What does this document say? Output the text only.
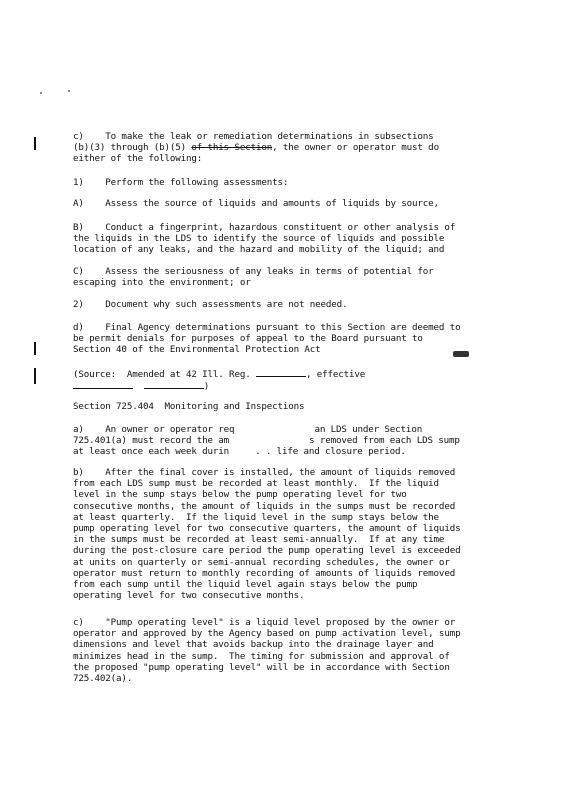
c)    To make the leak or remediation determinations in subsections
(b)(3) through (b)(5) of this Section, the owner or operator must do
either of the following:
1)    Perform the following assessments:
A)    Assess the source of liquids and amounts of liquids by source,
B)    Conduct a fingerprint, hazardous constituent or other analysis of
the liquids in the LDS to identify the source of liquids and possible
location of any leaks, and the hazard and mobility of the liquid; and
C)    Assess the seriousness of any leaks in terms of potential for
escaping into the environment; or
2)    Document why such assessments are not needed.
d)    Final Agency determinations pursuant to this Section are deemed to
be permit denials for purposes of appeal to the Board pursuant to
Section 40 of the Environmental Protection Act
(Source:  Amended at 42 Ill. Reg.	, effective
)
Section 725.404  Monitoring and Inspections
a)    An owner or operator req	an LDS under Section
725.401(a) must record the am	s removed from each LDS sump
at least once each week durin	. . life and closure period.
b)    After the final cover is installed, the amount of liquids removed
from each LDS sump must be recorded at least monthly.  If the liquid
level in the sump stays below the pump operating level for two
consecutive months, the amount of liquids in the sumps must be recorded
at least quarterly.  If the liquid level in the sump stays below the
pump operating level for two consecutive quarters, the amount of liquids
in the sumps must be recorded at least semi-annually.  If at any time
during the post-closure care period the pump operating level is exceeded
at units on quarterly or semi-annual recording schedules, the owner or
operator must return to monthly recording of amounts of liquids removed
from each sump until the liquid level again stays below the pump
operating level for two consecutive months.
c)    "Pump operating level" is a liquid level proposed by the owner or
operator and approved by the Agency based on pump activation level, sump
dimensions and level that avoids backup into the drainage layer and
minimizes head in the sump.  The timing for submission and approval of
the proposed "pump operating level" will be in accordance with Section
725.402(a).
